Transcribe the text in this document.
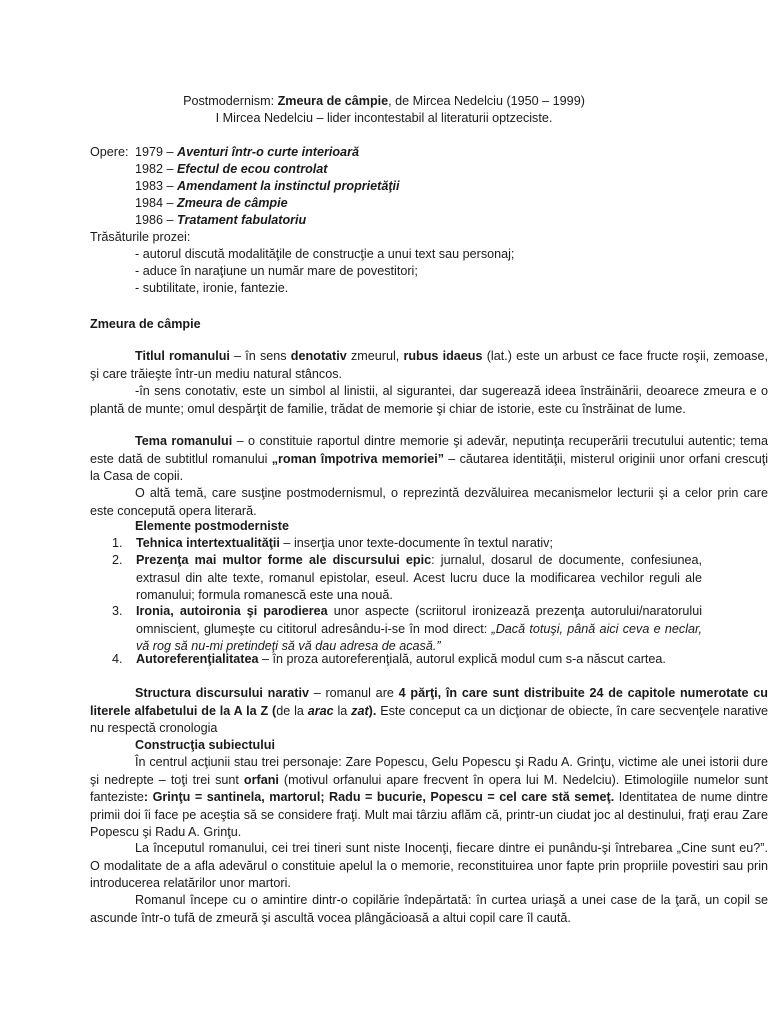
Postmodernism: Zmeura de câmpie, de Mircea Nedelciu (1950 – 1999)
I Mircea Nedelciu – lider incontestabil al literaturii optzeciste.
Opere: 1979 – Aventuri într-o curte interioară
1982 – Efectul de ecou controlat
1983 – Amendament la instinctul proprietăţii
1984 – Zmeura de câmpie
1986 – Tratament fabulatoriu
Trăsăturile prozei:
- autorul discută modalităţile de construcţie a unui text sau personaj;
- aduce în naraţiune un număr mare de povestitori;
- subtilitate, ironie, fantezie.
Zmeura de câmpie
Titlul romanului – în sens denotativ zmeurul, rubus idaeus (lat.) este un arbust ce face fructe roşii, zemoase, şi care trăieşte într-un mediu natural stâncos.
-în sens conotativ, este un simbol al linistii, al sigurantei, dar sugerează ideea înstrăinării, deoarece zmeura e o plantă de munte; omul despărţit de familie, trădat de memorie şi chiar de istorie, este cu înstrăinat de lume.
Tema romanului – o constituie raportul dintre memorie şi adevăr, neputinţa recuperării trecutului autentic; tema este dată de subtitlul romanului „roman împotriva memoriei” – căutarea identităţii, misterul originii unor orfani crescuţi la Casa de copii.
O altă temă, care susţine postmodernismul, o reprezintă dezvăluirea mecanismelor lecturii şi a celor prin care este concepută opera literară.
Elemente postmoderniste
1. Tehnica intertextualităţii – inserţia unor texte-documente în textul narativ;
2. Prezenţa mai multor forme ale discursului epic: jurnalul, dosarul de documente, confesiunea, extrasul din alte texte, romanul epistolar, eseul. Acest lucru duce la modificarea vechilor reguli ale romanului; formula romanescă este una nouă.
3. Ironia, autoironia şi parodierea unor aspecte (scriitorul ironizează prezenţa autorului/naratorului omniscient, glumeşte cu cititorul adresându-i-se în mod direct: „Dacă totuşi, până aici ceva e neclar, vă rog să nu-mi pretindeţi să vă dau adresa de acasă.”
4. Autoreferenţialitatea – în proza autoreferenţială, autorul explică modul cum s-a născut cartea.
Structura discursului narativ – romanul are 4 părţi, în care sunt distribuite 24 de capitole numerotate cu literele alfabetului de la A la Z (de la arac la zat). Este conceput ca un dicţionar de obiecte, în care secvenţele narative nu respectă cronologia
Construcţia subiectului
În centrul acţiunii stau trei personaje: Zare Popescu, Gelu Popescu şi Radu A. Grinţu, victime ale unei istorii dure şi nedrepte – toţi trei sunt orfani (motivul orfanului apare frecvent în opera lui M. Nedelciu). Etimologiile numelor sunt fanteziste: Grinţu = santinela, martorul; Radu = bucurie, Popescu = cel care stă semeţ. Identitatea de nume dintre primii doi îi face pe aceştia să se considere fraţi. Mult mai târziu aflăm că, printr-un ciudat joc al destinului, fraţi erau Zare Popescu şi Radu A. Grinţu.
La începutul romanului, cei trei tineri sunt niste Inocenţi, fiecare dintre ei punându-şi întrebarea „Cine sunt eu?”. O modalitate de a afla adevărul o constituie apelul la o memorie, reconstituirea unor fapte prin propriile povestiri sau prin introducerea relatărilor unor martori.
Romanul începe cu o amintire dintr-o copilărie îndepărtată: în curtea uriaşă a unei case de la ţară, un copil se ascunde într-o tufă de zmeură şi ascultă vocea plângăcioasă a altui copil care îl caută.
